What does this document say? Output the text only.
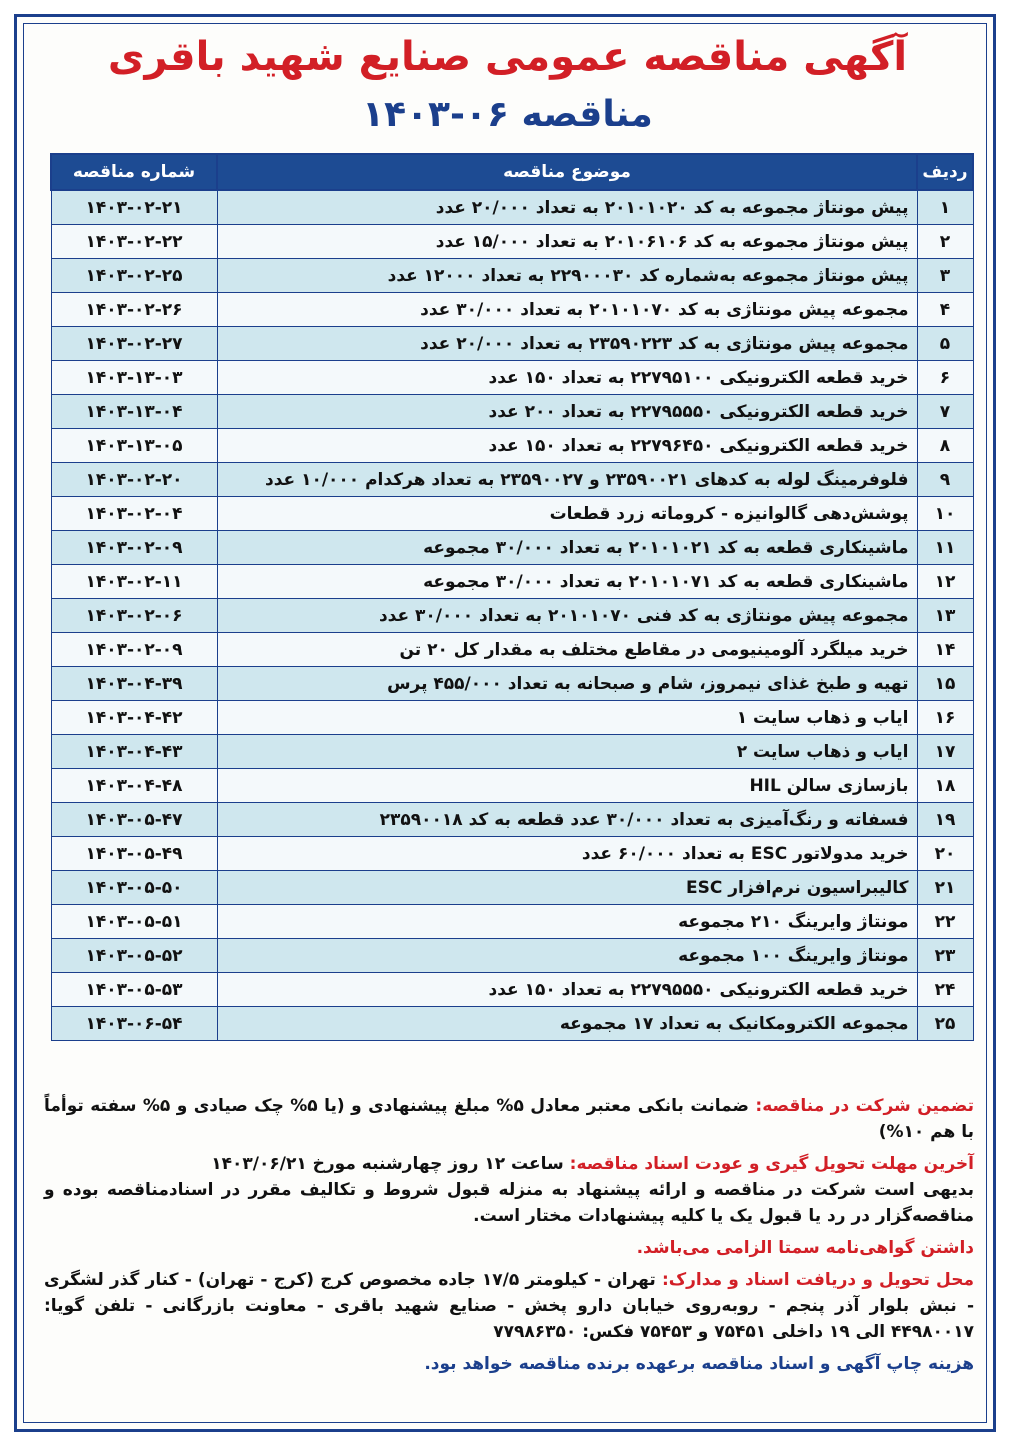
آگهی مناقصه عمومی صنایع شهید باقری
مناقصه ۰۶-۱۴۰۳
ردیف	موضوع مناقصه	شماره مناقصه
۱	پیش مونتاژ مجموعه به کد ۲۰۱۰۱۰۲۰ به تعداد ۲۰/۰۰۰ عدد	۱۴۰۳-۰۲-۲۱
۲	پیش مونتاژ مجموعه به کد ۲۰۱۰۶۱۰۶ به تعداد ۱۵/۰۰۰ عدد	۱۴۰۳-۰۲-۲۲
۳	پیش مونتاژ مجموعه به‌شماره کد ۲۲۹۰۰۰۳۰ به تعداد ۱۲۰۰۰ عدد	۱۴۰۳-۰۲-۲۵
۴	مجموعه پیش مونتاژی به کد ۲۰۱۰۱۰۷۰ به تعداد ۳۰/۰۰۰ عدد	۱۴۰۳-۰۲-۲۶
۵	مجموعه پیش مونتاژی به کد ۲۳۵۹۰۲۲۳ به تعداد ۲۰/۰۰۰ عدد	۱۴۰۳-۰۲-۲۷
۶	خرید قطعه الکترونیکی ۲۲۷۹۵۱۰۰ به تعداد ۱۵۰ عدد	۱۴۰۳-۱۳-۰۳
۷	خرید قطعه الکترونیکی ۲۲۷۹۵۵۵۰ به تعداد ۲۰۰ عدد	۱۴۰۳-۱۳-۰۴
۸	خرید قطعه الکترونیکی ۲۲۷۹۶۴۵۰ به تعداد ۱۵۰ عدد	۱۴۰۳-۱۳-۰۵
۹	فلوفرمینگ لوله به کدهای ۲۳۵۹۰۰۲۱ و ۲۳۵۹۰۰۲۷ به تعداد هرکدام ۱۰/۰۰۰ عدد	۱۴۰۳-۰۲-۲۰
۱۰	پوشش‌دهی گالوانیزه - کروماته زرد قطعات	۱۴۰۳-۰۲-۰۴
۱۱	ماشینکاری قطعه به کد ۲۰۱۰۱۰۲۱ به تعداد ۳۰/۰۰۰ مجموعه	۱۴۰۳-۰۲-۰۹
۱۲	ماشینکاری قطعه به کد ۲۰۱۰۱۰۷۱ به تعداد ۳۰/۰۰۰ مجموعه	۱۴۰۳-۰۲-۱۱
۱۳	مجموعه پیش مونتاژی به کد فنی ۲۰۱۰۱۰۷۰ به تعداد ۳۰/۰۰۰ عدد	۱۴۰۳-۰۲-۰۶
۱۴	خرید میلگرد آلومینیومی در مقاطع مختلف به مقدار کل ۲۰ تن	۱۴۰۳-۰۲-۰۹
۱۵	تهیه و طبخ غذای نیمروز، شام و صبحانه به تعداد ۴۵۵/۰۰۰ پرس	۱۴۰۳-۰۴-۳۹
۱۶	ایاب و ذهاب سایت ۱	۱۴۰۳-۰۴-۴۲
۱۷	ایاب و ذهاب سایت ۲	۱۴۰۳-۰۴-۴۳
۱۸	بازسازی سالن HIL	۱۴۰۳-۰۴-۴۸
۱۹	فسفاته و رنگ‌آمیزی به تعداد ۳۰/۰۰۰ عدد قطعه به کد ۲۳۵۹۰۰۱۸	۱۴۰۳-۰۵-۴۷
۲۰	خرید مدولاتور ESC به تعداد ۶۰/۰۰۰ عدد	۱۴۰۳-۰۵-۴۹
۲۱	کالیبراسیون نرم‌افزار ESC	۱۴۰۳-۰۵-۵۰
۲۲	مونتاژ وایرینگ ۲۱۰ مجموعه	۱۴۰۳-۰۵-۵۱
۲۳	مونتاژ وایرینگ ۱۰۰ مجموعه	۱۴۰۳-۰۵-۵۲
۲۴	خرید قطعه الکترونیکی ۲۲۷۹۵۵۵۰ به تعداد ۱۵۰ عدد	۱۴۰۳-۰۵-۵۳
۲۵	مجموعه الکترومکانیک به تعداد ۱۷ مجموعه	۱۴۰۳-۰۶-۵۴

تضمین شرکت در مناقصه: ضمانت بانکی معتبر معادل ۵% مبلغ پیشنهادی و (یا ۵% چک صیادی و ۵% سفته توأماً با هم ۱۰%)

آخرین مهلت تحویل گیری و عودت اسناد مناقصه: ساعت ۱۲ روز چهارشنبه مورخ ۱۴۰۳/۰۶/۲۱

بدیهی است شرکت در مناقصه و ارائه پیشنهاد به منزله قبول شروط و تکالیف مقرر در اسنادمناقصه بوده و مناقصه‌گزار در رد یا قبول یک یا کلیه پیشنهادات مختار است.

داشتن گواهی‌نامه سمتا الزامی می‌باشد.

محل تحویل و دریافت اسناد و مدارک: تهران - کیلومتر ۱۷/۵ جاده مخصوص کرج (کرج - تهران) - کنار گذر لشگری - نبش بلوار آذر پنجم - روبه‌روی خیابان دارو پخش - صنایع شهید باقری - معاونت بازرگانی - تلفن گویا: ۴۴۹۸۰۰۱۷ الی ۱۹ داخلی ۷۵۴۵۱ و ۷۵۴۵۳ فکس: ۷۷۹۸۶۳۵۰

هزینه چاپ آگهی و اسناد مناقصه برعهده برنده مناقصه خواهد بود.
